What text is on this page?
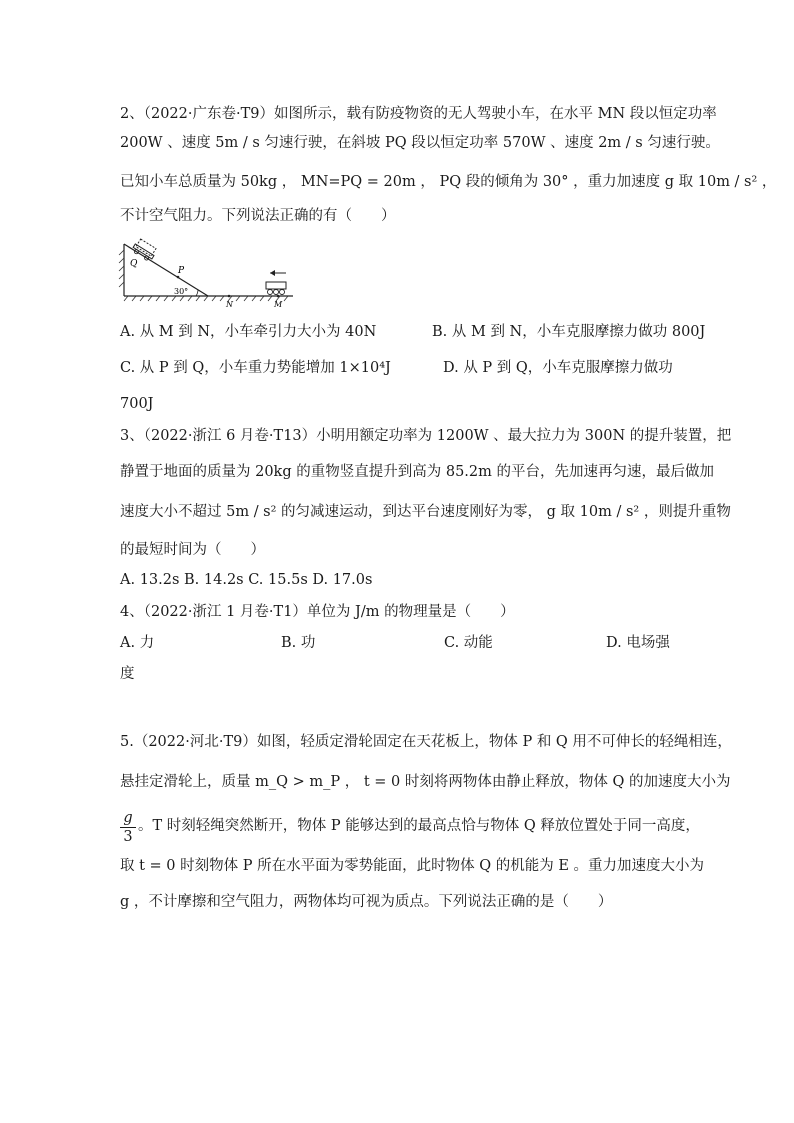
2、（2022·广东卷·T9）如图所示，载有防疫物资的无人驾驶小车，在水平 MN 段以恒定功率
200W 、速度 5m / s 匀速行驶，在斜坡 PQ 段以恒定功率 570W 、速度 2m / s 匀速行驶。
已知小车总质量为 50kg ， MN=PQ = 20m ， PQ 段的倾角为 30° ，重力加速度 g 取 10m / s² ，
不计空气阻力。下列说法正确的有（　　）
Q
P
30°
N	M
A. 从 M 到 N，小车牵引力大小为 40N	B. 从 M 到 N，小车克服摩擦力做功 800J
C. 从 P 到 Q，小车重力势能增加 1×10⁴J	D. 从 P 到 Q，小车克服摩擦力做功
700J
3、（2022·浙江 6 月卷·T13）小明用额定功率为 1200W 、最大拉力为 300N 的提升装置，把
静置于地面的质量为 20kg 的重物竖直提升到高为 85.2m 的平台，先加速再匀速，最后做加
速度大小不超过 5m / s² 的匀减速运动，到达平台速度刚好为零， g 取 10m / s² ，则提升重物
的最短时间为（　　）
A. 13.2s B. 14.2s C. 15.5s D. 17.0s
4、（2022·浙江 1 月卷·T1）单位为 J/m 的物理量是（　　）
A. 力	B. 功	C. 动能	D. 电场强
度
5.（2022·河北·T9）如图，轻质定滑轮固定在天花板上，物体 P 和 Q 用不可伸长的轻绳相连，
悬挂定滑轮上，质量 m_Q > m_P ， t = 0 时刻将两物体由静止释放，物体 Q 的加速度大小为
g
3
。T 时刻轻绳突然断开，物体 P 能够达到的最高点恰与物体 Q 释放位置处于同一高度，
取 t = 0 时刻物体 P 所在水平面为零势能面，此时物体 Q 的机能为 E 。重力加速度大小为
g ，不计摩擦和空气阻力，两物体均可视为质点。下列说法正确的是（　　）
